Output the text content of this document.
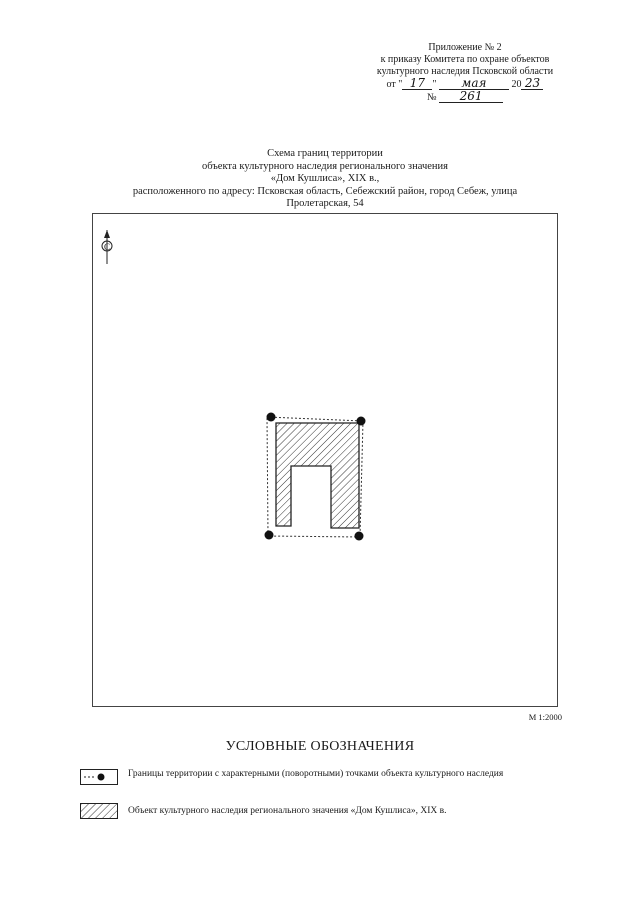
Приложение № 2
к приказу Комитета по охране объектов
культурного наследия Псковской области
от " 17 " мая 20 23
№ 261
Схема границ территории
объекта культурного наследия регионального значения
«Дом Кушлиса», XIX в.,
расположенного по адресу: Псковская область, Себежский район, город Себеж, улица
Пролетарская, 54
С
М 1:2000
УСЛОВНЫЕ ОБОЗНАЧЕНИЯ
Границы территории с характерными (поворотными) точками объекта культурного наследия
Объект культурного наследия регионального значения «Дом Кушлиса», XIX в.
